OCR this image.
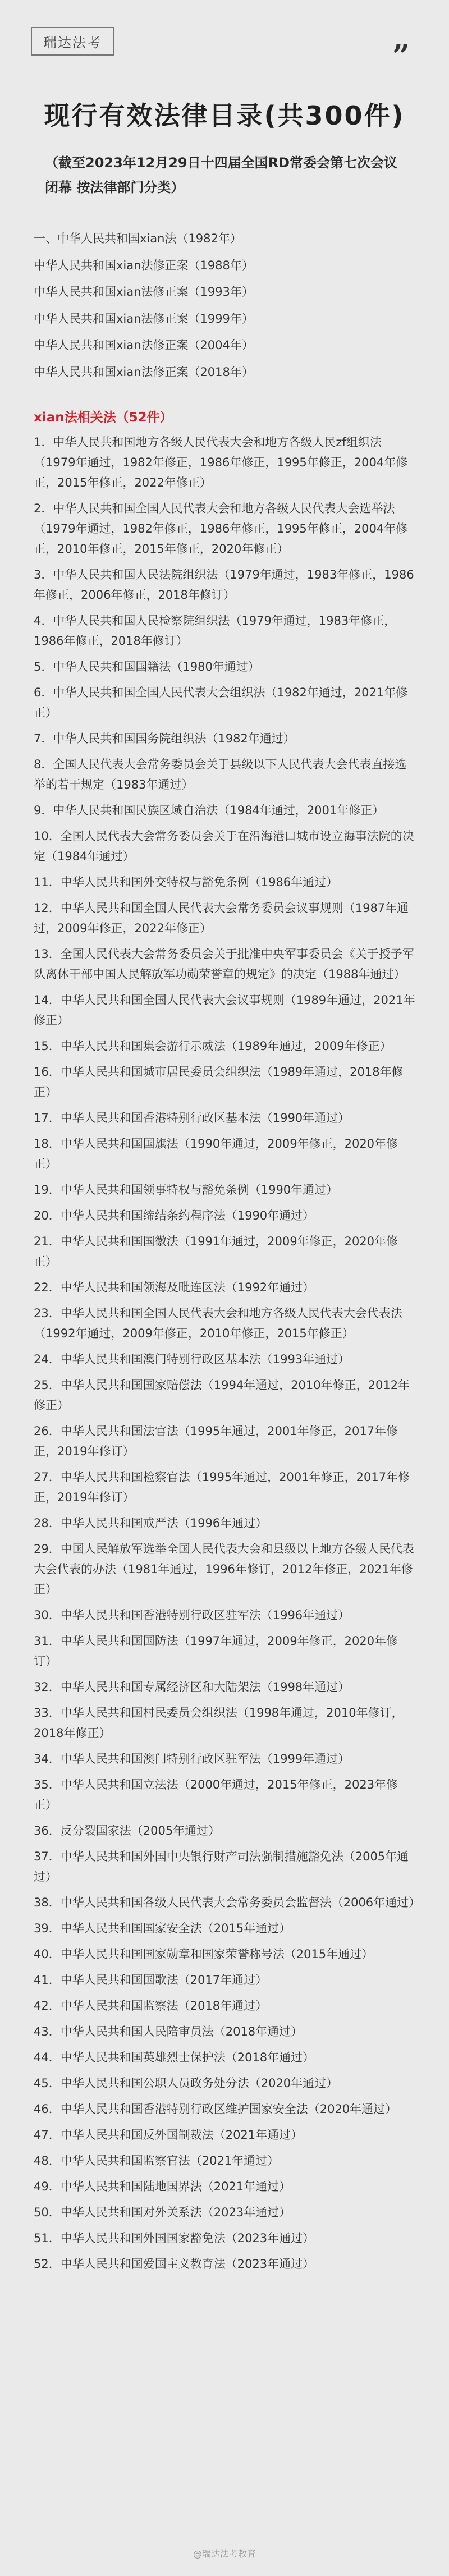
瑞达法考	”
现行有效法律目录(共300件)
（截至2023年12月29日十四届全国RD常委会第七次会议闭幕 按法律部门分类）
一、中华人民共和国xian法（1982年）
中华人民共和国xian法修正案（1988年）
中华人民共和国xian法修正案（1993年）
中华人民共和国xian法修正案（1999年）
中华人民共和国xian法修正案（2004年）
中华人民共和国xian法修正案（2018年）
xian法相关法（52件）
1．中华人民共和国地方各级人民代表大会和地方各级人民zf组织法（1979年通过，1982年修正，1986年修正，1995年修正，2004年修正，2015年修正，2022年修正）
2．中华人民共和国全国人民代表大会和地方各级人民代表大会选举法（1979年通过，1982年修正，1986年修正，1995年修正，2004年修正，2010年修正，2015年修正，2020年修正）
3．中华人民共和国人民法院组织法（1979年通过，1983年修正，1986年修正，2006年修正，2018年修订）
4．中华人民共和国人民检察院组织法（1979年通过，1983年修正，1986年修正，2018年修订）
5．中华人民共和国国籍法（1980年通过）
6．中华人民共和国全国人民代表大会组织法（1982年通过，2021年修正）
7．中华人民共和国国务院组织法（1982年通过）
8．全国人民代表大会常务委员会关于县级以下人民代表大会代表直接选举的若干规定（1983年通过）
9．中华人民共和国民族区域自治法（1984年通过，2001年修正）
10．全国人民代表大会常务委员会关于在沿海港口城市设立海事法院的决定（1984年通过）
11．中华人民共和国外交特权与豁免条例（1986年通过）
12．中华人民共和国全国人民代表大会常务委员会议事规则（1987年通过，2009年修正，2022年修正）
13．全国人民代表大会常务委员会关于批准中央军事委员会《关于授予军队离休干部中国人民解放军功勋荣誉章的规定》的决定（1988年通过）
14．中华人民共和国全国人民代表大会议事规则（1989年通过，2021年修正）
15．中华人民共和国集会游行示威法（1989年通过，2009年修正）
16．中华人民共和国城市居民委员会组织法（1989年通过，2018年修正）
17．中华人民共和国香港特别行政区基本法（1990年通过）
18．中华人民共和国国旗法（1990年通过，2009年修正，2020年修正）
19．中华人民共和国领事特权与豁免条例（1990年通过）
20．中华人民共和国缔结条约程序法（1990年通过）
21．中华人民共和国国徽法（1991年通过，2009年修正，2020年修正）
22．中华人民共和国领海及毗连区法（1992年通过）
23．中华人民共和国全国人民代表大会和地方各级人民代表大会代表法（1992年通过，2009年修正，2010年修正，2015年修正）
24．中华人民共和国澳门特别行政区基本法（1993年通过）
25．中华人民共和国国家赔偿法（1994年通过，2010年修正，2012年修正）
26．中华人民共和国法官法（1995年通过，2001年修正，2017年修正，2019年修订）
27．中华人民共和国检察官法（1995年通过，2001年修正，2017年修正，2019年修订）
28．中华人民共和国戒严法（1996年通过）
29．中国人民解放军选举全国人民代表大会和县级以上地方各级人民代表大会代表的办法（1981年通过，1996年修订，2012年修正，2021年修正）
30．中华人民共和国香港特别行政区驻军法（1996年通过）
31．中华人民共和国国防法（1997年通过，2009年修正，2020年修订）
32．中华人民共和国专属经济区和大陆架法（1998年通过）
33．中华人民共和国村民委员会组织法（1998年通过，2010年修订，2018年修正）
34．中华人民共和国澳门特别行政区驻军法（1999年通过）
35．中华人民共和国立法法（2000年通过，2015年修正，2023年修正）
36．反分裂国家法（2005年通过）
37．中华人民共和国外国中央银行财产司法强制措施豁免法（2005年通过）
38．中华人民共和国各级人民代表大会常务委员会监督法（2006年通过）
39．中华人民共和国国家安全法（2015年通过）
40．中华人民共和国国家勋章和国家荣誉称号法（2015年通过）
41．中华人民共和国国歌法（2017年通过）
42．中华人民共和国监察法（2018年通过）
43．中华人民共和国人民陪审员法（2018年通过）
44．中华人民共和国英雄烈士保护法（2018年通过）
45．中华人民共和国公职人员政务处分法（2020年通过）
46．中华人民共和国香港特别行政区维护国家安全法（2020年通过）
47．中华人民共和国反外国制裁法（2021年通过）
48．中华人民共和国监察官法（2021年通过）
49．中华人民共和国陆地国界法（2021年通过）
50．中华人民共和国对外关系法（2023年通过）
51．中华人民共和国外国国家豁免法（2023年通过）
52．中华人民共和国爱国主义教育法（2023年通过）
@瑞达法考教育
